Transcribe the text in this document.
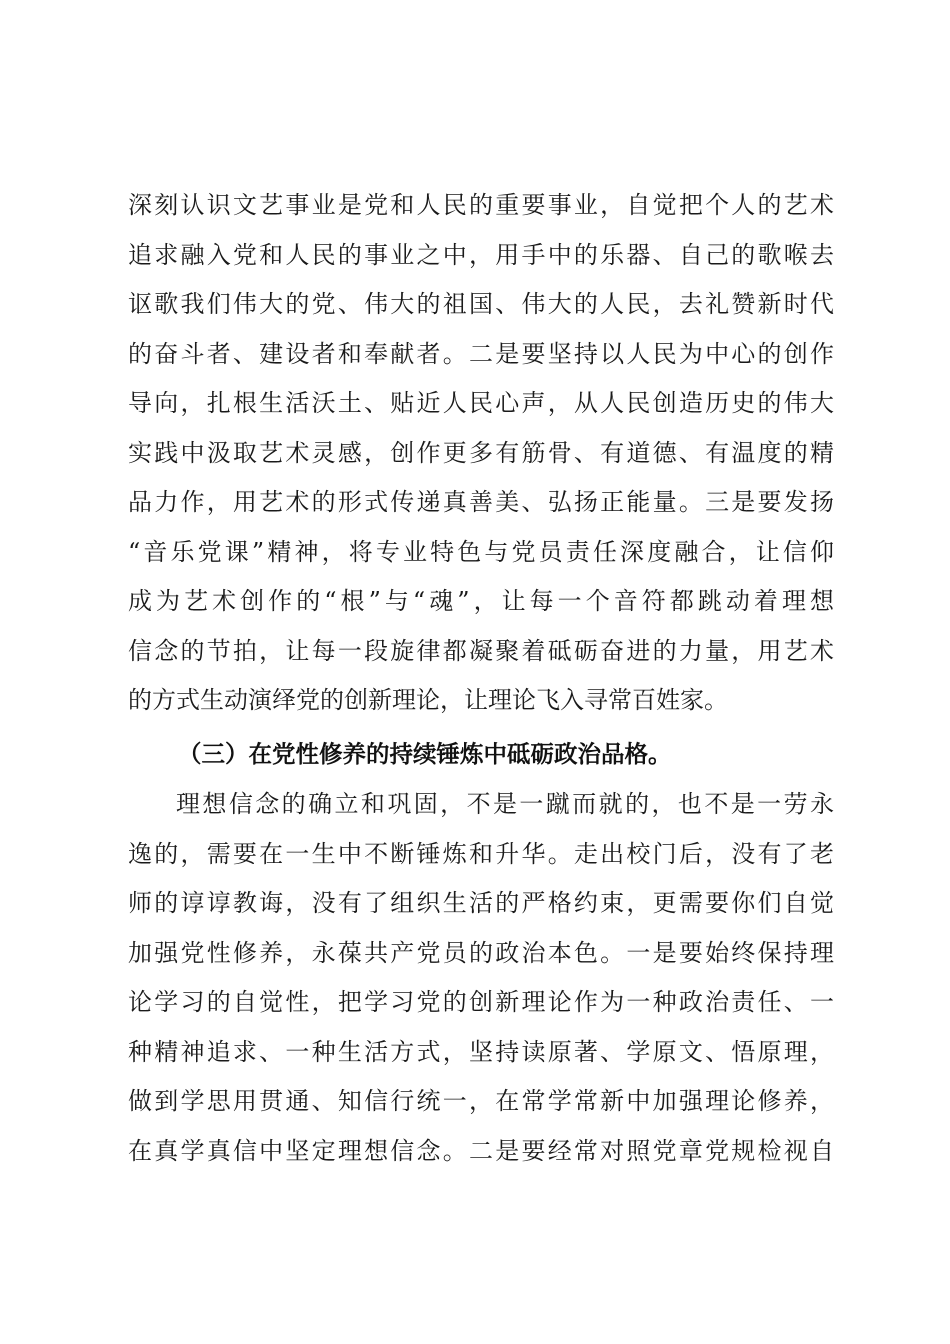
深刻认识文艺事业是党和人民的重要事业，自觉把个人的艺术
追求融入党和人民的事业之中，用手中的乐器、自己的歌喉去
讴歌我们伟大的党、伟大的祖国、伟大的人民，去礼赞新时代
的奋斗者、建设者和奉献者。二是要坚持以人民为中心的创作
导向，扎根生活沃土、贴近人民心声，从人民创造历史的伟大
实践中汲取艺术灵感，创作更多有筋骨、有道德、有温度的精
品力作，用艺术的形式传递真善美、弘扬正能量。三是要发扬
“音乐党课”精神，将专业特色与党员责任深度融合，让信仰
成为艺术创作的“根”与“魂”，让每一个音符都跳动着理想
信念的节拍，让每一段旋律都凝聚着砥砺奋进的力量，用艺术
的方式生动演绎党的创新理论，让理论飞入寻常百姓家。
（三）在党性修养的持续锤炼中砥砺政治品格。
理想信念的确立和巩固，不是一蹴而就的，也不是一劳永
逸的，需要在一生中不断锤炼和升华。走出校门后，没有了老
师的谆谆教诲，没有了组织生活的严格约束，更需要你们自觉
加强党性修养，永葆共产党员的政治本色。一是要始终保持理
论学习的自觉性，把学习党的创新理论作为一种政治责任、一
种精神追求、一种生活方式，坚持读原著、学原文、悟原理，
做到学思用贯通、知信行统一，在常学常新中加强理论修养，
在真学真信中坚定理想信念。二是要经常对照党章党规检视自
